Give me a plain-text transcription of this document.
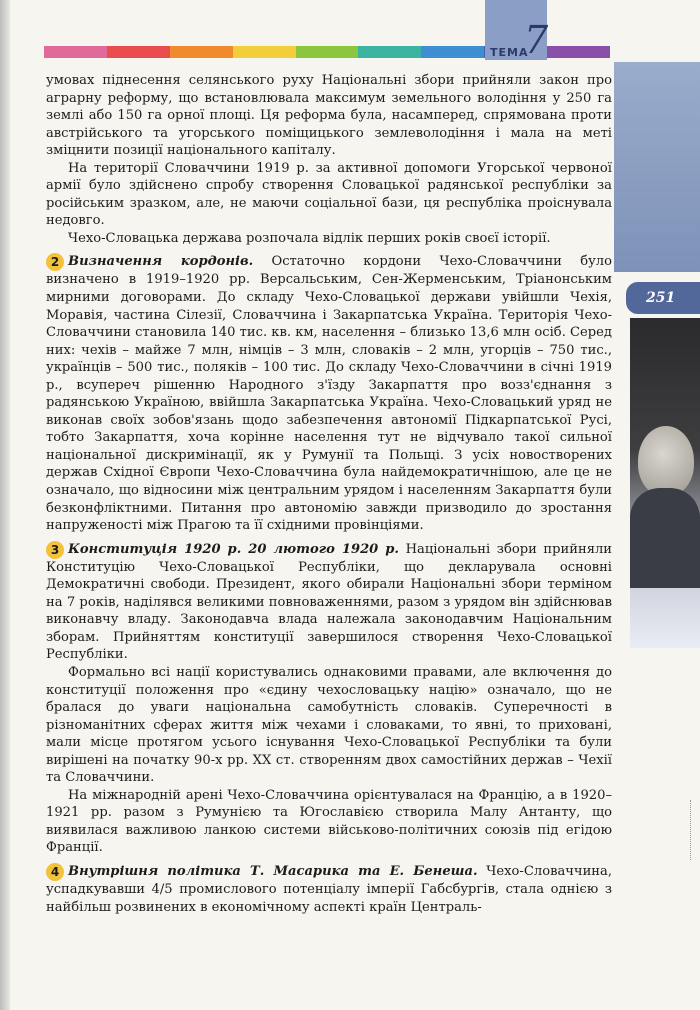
ТЕМА
7
251

умовах піднесення селянського руху Національні збори прийняли закон про аграрну реформу, що встановлювала максимум земельного володіння у 250 га землі або 150 га орної площі. Ця реформа була, насамперед, спрямована проти австрійського та угорського поміщицького землеволодіння і мала на меті зміцнити позиції національного капіталу.

На території Словаччини 1919 р. за активної допомоги Угорської червоної армії було здійснено спробу створення Словацької радянської республіки за російським зразком, але, не маючи соціальної бази, ця республіка проіснувала недовго.

Чехо-Словацька держава розпочала відлік перших років своєї історії.

2 Визначення кордонів. Остаточно кордони Чехо-Словаччини було визначено в 1919–1920 рр. Версальським, Сен-Жерменським, Тріанонським мирними договорами. До складу Чехо-Словацької держави увійшли Чехія, Моравія, частина Сілезії, Словаччина і Закарпатська Україна. Територія Чехо-Словаччини становила 140 тис. кв. км, населення – близько 13,6 млн осіб. Серед них: чехів – майже 7 млн, німців – 3 млн, словаків – 2 млн, угорців – 750 тис., українців – 500 тис., поляків – 100 тис. До складу Чехо-Словаччини в січні 1919 р., всупереч рішенню Народного з'їзду Закарпаття про возз'єднання з радянською Україною, ввійшла Закарпатська Україна. Чехо-Словацький уряд не виконав своїх зобов'язань щодо забезпечення автономії Підкарпатської Русі, тобто Закарпаття, хоча корінне населення тут не відчувало такої сильної національної дискримінації, як у Румунії та Польщі. З усіх новостворених держав Східної Європи Чехо-Словаччина була найдемократичнішою, але це не означало, що відносини між центральним урядом і населенням Закарпаття були безконфліктними. Питання про автономію завжди призводило до зростання напруженості між Прагою та її східними провінціями.

3 Конституція 1920 р. 20 лютого 1920 р. Національні збори прийняли Конституцію Чехо-Словацької Республіки, що декларувала основні Демократичні свободи. Президент, якого обирали Національні збори терміном на 7 років, наділявся великими повноваженнями, разом з урядом він здійснював виконавчу владу. Законодавча влада належала законодавчим Національним зборам. Прийняттям конституції завершилося створення Чехо-Словацької Республіки.

Формально всі нації користувались однаковими правами, але включення до конституції положення про «єдину чехословацьку націю» означало, що не бралася до уваги національна самобутність словаків. Суперечності в різноманітних сферах життя між чехами і словаками, то явні, то приховані, мали місце протягом усього існування Чехо-Словацької Республіки та були вирішені на початку 90-х рр. XX ст. створенням двох самостійних держав – Чехії та Словаччини.

На міжнародній арені Чехо-Словаччина орієнтувалася на Францію, а в 1920–1921 рр. разом з Румунією та Югославією створила Малу Антанту, що виявилася важливою ланкою системи військово-політичних союзів під егідою Франції.

4 Внутрішня політика Т. Масарика та Е. Бенеша. Чехо-Словаччина, успадкувавши 4/5 промислового потенціалу імперії Габсбургів, стала однією з найбільш розвинених в економічному аспекті країн Централь-
